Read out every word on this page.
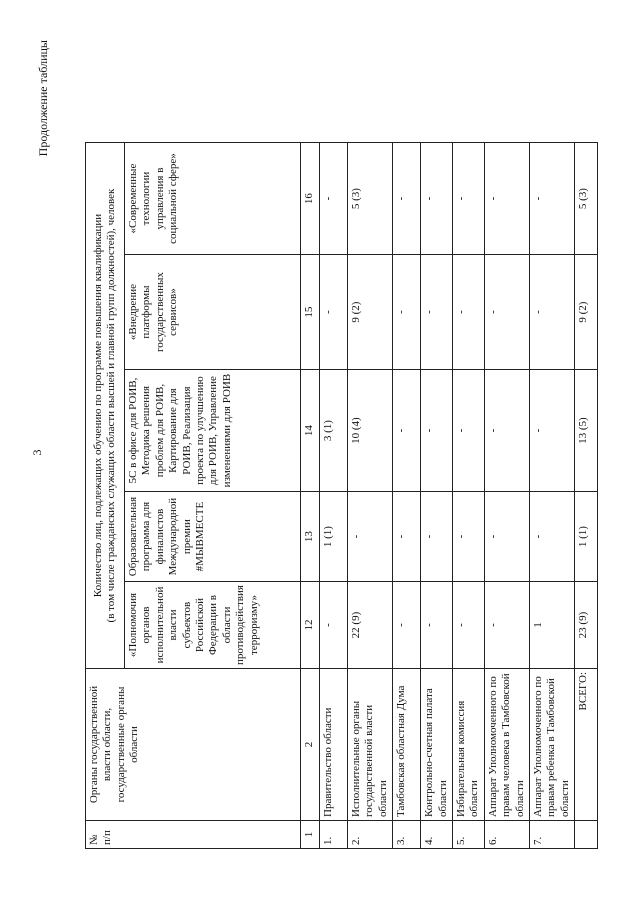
3
Продолжение таблицы
№
п/п	Органы государственной власти области, государственные органы области	Количество лиц, подлежащих обучению по программе повышения квалификации
(в том числе гражданских служащих области высшей и главной групп должностей), человек				
		«Полномочия органов исполнительной власти субъектов Российской Федерации в области противодействия терроризму»	Образовательная программа для финалистов Международной премии #МЫВМЕСТЕ	5С в офисе для РОИВ, Методика решения проблем для РОИВ, Картирование для РОИВ, Реализация проекта по улучшению для РОИВ, Управление изменениями для РОИВ	«Внедрение платформы государственных сервисов»	«Современные технологии управления в социальной сфере»
1	2	12	13	14	15	16
1.	Правительство области	-	1 (1)	3 (1)	-	-
2.	Исполнительные органы государственной власти области	22 (9)	-	10 (4)	9 (2)	5 (3)
3.	Тамбовская областная Дума	-	-	-	-	-
4.	Контрольно-счетная палата области	-	-	-	-	-
5.	Избирательная комиссия области	-	-	-	-	-
6.	Аппарат Уполномоченного по правам человека в Тамбовской области	-	-	-	-	-
7.	Аппарат Уполномоченного по правам ребенка в Тамбовской области	1	-	-	-	-
	ВСЕГО:	23 (9)	1 (1)	13 (5)	9 (2)	5 (3)
